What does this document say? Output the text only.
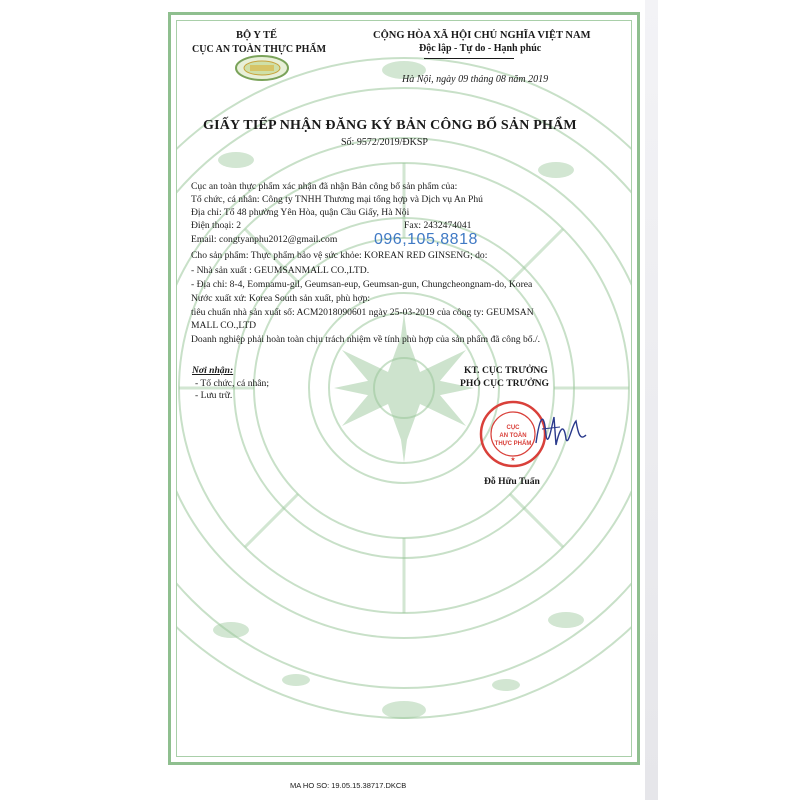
BỘ Y TẾ
CỤC AN TOÀN THỰC PHẨM
CỘNG HÒA XÃ HỘI CHỦ NGHĨA VIỆT NAM
Độc lập - Tự do - Hạnh phúc
Hà Nội, ngày 09 tháng 08 năm 2019
GIẤY TIẾP NHẬN ĐĂNG KÝ BẢN CÔNG BỐ SẢN PHẨM
Số: 9572/2019/ĐKSP
Cục an toàn thực phẩm xác nhận đã nhận Bản công bố sản phẩm của:
Tổ chức, cá nhân: Công ty TNHH Thương mại tổng hợp và Dịch vụ An Phú
Địa chỉ: Tổ 48 phường Yên Hòa, quận Cầu Giấy, Hà Nội
Điện thoại: 2	Fax: 2432474041
Email: congtyanphu2012@gmail.com 096,105,8818
Cho sản phẩm: Thực phẩm bảo vệ sức khỏe: KOREAN RED GINSENG; do:
- Nhà sản xuất : GEUMSANMALL CO.,LTD.
- Địa chỉ: 8-4, Eomnamu-gil, Geumsan-eup, Geumsan-gun, Chungcheongnam-do, Korea
Nước xuất xứ: Korea South sản xuất, phù hợp:
tiêu chuẩn nhà sản xuất số: ACM2018090601 ngày 25-03-2019 của công ty: GEUMSAN
MALL CO.,LTD
Doanh nghiệp phải hoàn toàn chịu trách nhiệm về tính phù hợp của sản phẩm đã công bố./.
Nơi nhận:
- Tổ chức, cá nhân;
- Lưu trữ.
KT. CỤC TRƯỞNG
PHÓ CỤC TRƯỞNG
CỤC
AN TOÀN
THỰC PHẨM
★
Đỗ Hữu Tuấn
MA HO SO: 19.05.15.38717.DKCB
